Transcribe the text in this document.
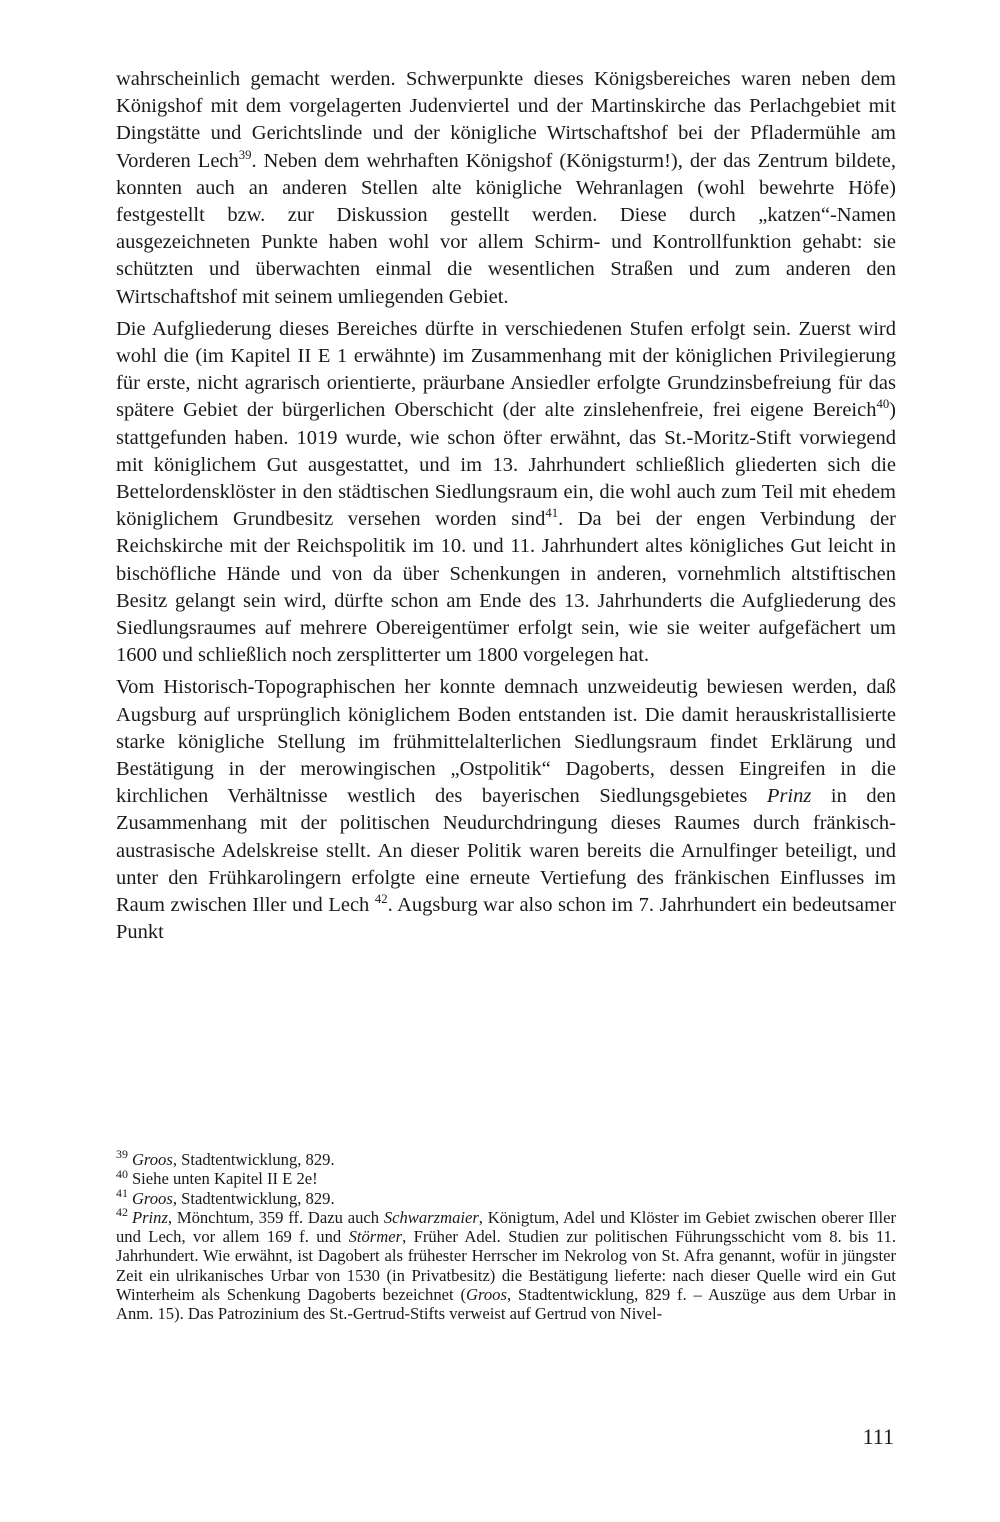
wahrscheinlich gemacht werden. Schwerpunkte dieses Königsbereiches waren neben dem Königshof mit dem vorgelagerten Judenviertel und der Martinskirche das Perlachgebiet mit Dingstätte und Gerichtslinde und der königliche Wirtschaftshof bei der Pfladermühle am Vorderen Lech$^{39}$. Neben dem wehrhaften Königshof (Königsturm!), der das Zentrum bildete, konnten auch an anderen Stellen alte königliche Wehranlagen (wohl bewehrte Höfe) festgestellt bzw. zur Diskussion gestellt werden. Diese durch „katzen“-Namen ausgezeichneten Punkte haben wohl vor allem Schirm- und Kontrollfunktion gehabt: sie schützten und überwachten einmal die wesentlichen Straßen und zum anderen den Wirtschaftshof mit seinem umliegenden Gebiet.

Die Aufgliederung dieses Bereiches dürfte in verschiedenen Stufen erfolgt sein. Zuerst wird wohl die (im Kapitel II E 1 erwähnte) im Zusammenhang mit der königlichen Privilegierung für erste, nicht agrarisch orientierte, präurbane Ansiedler erfolgte Grundzinsbefreiung für das spätere Gebiet der bürgerlichen Oberschicht (der alte zinslehenfreie, frei eigene Bereich$^{40}$) stattgefunden haben. 1019 wurde, wie schon öfter erwähnt, das St.-Moritz-Stift vorwiegend mit königlichem Gut ausgestattet, und im 13. Jahrhundert schließlich gliederten sich die Bettelordensklöster in den städtischen Siedlungsraum ein, die wohl auch zum Teil mit ehedem königlichem Grundbesitz versehen worden sind$^{41}$. Da bei der engen Verbindung der Reichskirche mit der Reichspolitik im 10. und 11. Jahrhundert altes königliches Gut leicht in bischöfliche Hände und von da über Schenkungen in anderen, vornehmlich altstiftischen Besitz gelangt sein wird, dürfte schon am Ende des 13. Jahrhunderts die Aufgliederung des Siedlungsraumes auf mehrere Obereigentümer erfolgt sein, wie sie weiter aufgefächert um 1600 und schließlich noch zersplitterter um 1800 vorgelegen hat.

Vom Historisch-Topographischen her konnte demnach unzweideutig bewiesen werden, daß Augsburg auf ursprünglich königlichem Boden entstanden ist. Die damit herauskristallisierte starke königliche Stellung im frühmittelalterlichen Siedlungsraum findet Erklärung und Bestätigung in der merowingischen „Ostpolitik“ Dagoberts, dessen Eingreifen in die kirchlichen Verhältnisse westlich des bayerischen Siedlungsgebietes Prinz in den Zusammenhang mit der politischen Neudurchdringung dieses Raumes durch fränkisch-austrasische Adelskreise stellt. An dieser Politik waren bereits die Arnulfinger beteiligt, und unter den Frühkarolingern erfolgte eine erneute Vertiefung des fränkischen Einflusses im Raum zwischen Iller und Lech $^{42}$. Augsburg war also schon im 7. Jahrhundert ein bedeutsamer Punkt

$^{39}$ Groos, Stadtentwicklung, 829.

$^{40}$ Siehe unten Kapitel II E 2e!

$^{41}$ Groos, Stadtentwicklung, 829.

$^{42}$ Prinz, Mönchtum, 359 ff. Dazu auch Schwarzmaier, Königtum, Adel und Klöster im Gebiet zwischen oberer Iller und Lech, vor allem 169 f. und Störmer, Früher Adel. Studien zur politischen Führungsschicht vom 8. bis 11. Jahrhundert. Wie erwähnt, ist Dagobert als frühester Herrscher im Nekrolog von St. Afra genannt, wofür in jüngster Zeit ein ulrikanisches Urbar von 1530 (in Privatbesitz) die Bestätigung lieferte: nach dieser Quelle wird ein Gut Winterheim als Schenkung Dagoberts bezeichnet (Groos, Stadtentwicklung, 829 f. – Auszüge aus dem Urbar in Anm. 15). Das Patrozinium des St.-Gertrud-Stifts verweist auf Gertrud von Nivel-

111
